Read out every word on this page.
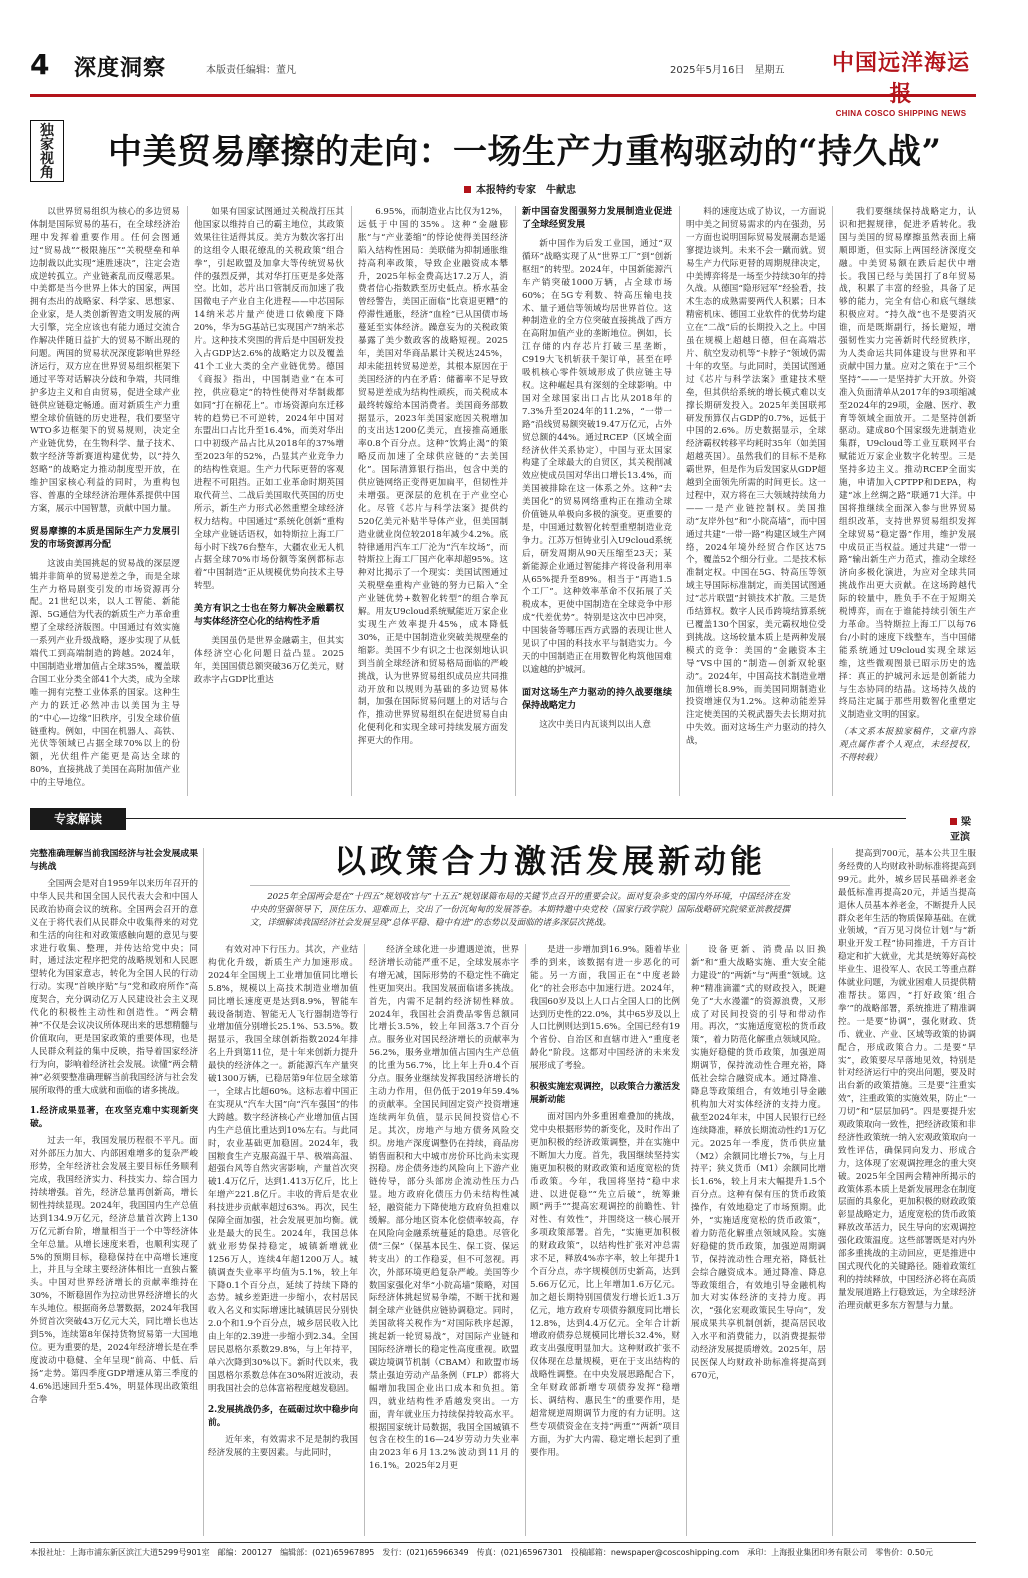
4 深度洞察	本版责任编辑：董凡	2025年5月16日　星期五	中国远洋海运报
CHINA COSCO SHIPPING NEWS
独家视角
中美贸易摩擦的走向：一场生产力重构驱动的“持久战”
本报特约专家　牛献忠

以世界贸易组织为核心的多边贸易体制是国际贸易的基石，在全球经济治理中发挥着重要作用。任何会图通过“贸易战”“极限施压”“关税壁垒和单边制裁以此实现“速胜速决”，注定会造成逆转孤立。产业链紊乱而反噬恶果。中美都是当今世界上体大的国家，两国拥有杰出的战略家、科学家、思想家、企业家，是人类创新智造文明发展的两大引擎，完全应该也有能力通过交流合作解决伴随日益扩大的贸易不断出现的问题。两国的贸易状况深度影响世界经济运行，双方应在世界贸易组织框架下通过平等对话解决分歧和争端，共同维护多边主义和自由贸易，促进全球产业链供应链稳定畅通。面对新质生产力重塑全球价值链的历史进程，我们要坚守WTO多边框架下的贸易规则，决定全产业链优势，在生物科学、量子技术、数字经济等新赛道构建优势，以“持久怒略”的战略定力推动制度型开放，在维护国家核心利益的同时，为重构包容、普惠的全球经济治理体系提供中国方案，展示中国智慧，贡献中国力量。

贸易摩擦的本质是国际生产力发展引发的市场资源再分配

这波由美国挑起的贸易战的深层逻辑并非简单的贸易逆差之争，而是全球生产力格局剧变引发的市场资源再分配。21世纪以来，以人工智能、新能源、5G通信为代表的新质生产力革命重塑了全球经济版图。中国通过有效实施一系列产业升级战略，逐步实现了从低端代工到高端制造的跨越。2024年，中国制造业增加值占全球35%，覆盖联合国工业分类全部41个大类，成为全球唯一拥有完整工业体系的国家。这种生产力的跃迁必然冲击以美国为主导的“中心—边缘”旧秩序，引发全球价值链重构。例如，中国在机器人、高铁、光伏等领域已占据全球70%以上的份额，光伏组件产能更是高达全球的80%，直接挑战了美国在高附加值产业中的主导地位。

如果有国家试图通过关税战打压其他国家以维持自己的霸主地位，其政策效果往往适得其反。美方为数次客打出的这组令人眼花缭乱的关税政策“组合拳”，引起欧盟及加拿大等传统贸易伙伴的强烈反弹，其对华打压更是多处落空。比如，芯片出口管制反而加速了我国微电子产业自主化进程——中芯国际14纳米芯片量产使进口依赖度下降20%，华为5G基站已实现国产7纳米芯片。这种技术突围的背后是中国研发投入占GDP达2.6%的战略定力以及覆盖41个工业大类的全产业链优势。德国《商报》指出，中国制造业“在本可控，供应稳定”的特性使得对华制裁都如同“打在棉花上”。市场资源向东迁移转的趋势已不可逆转，2024年中国对东盟出口占比升至16.4%，而美对华出口中初级产品占比从2018年的37%增至2023年的52%，凸显其产业竞争力的结构性衰退。生产力代际更替的客观进程不可阻挡。正如工业革命时期英国取代荷兰、二战后美国取代英国的历史所示，新生产力形式必然重塑全球经济权力结构。中国通过“系统化创新”重构全球产业链话语权，如特斯拉上海工厂每小时下线76台整车，大疆农业无人机占据全球70%市场份额等案例都标志着“中国制造”正从规模优势向技术主导转型。

美方有识之士也在努力解决金融霸权与实体经济空心化的结构性矛盾

美国虽仍是世界金融霸主，但其实体经济空心化问题日益凸显。2025年，美国国债总额突破36万亿美元，财政赤字占GDP比重达

6.95%，而制造业占比仅为12%，远低于中国的35%。这种“金融膨胀”与“产业萎缩”的悖论使得美国经济陷入结构性困局：美联储为抑制通胀维持高利率政策，导致企业融资成本攀升，2025年标金费高达17.2万人，消费者信心指数跌至历史低点。桥水基金曾经警告，美国正面临“比衰退更糟”的停滞性通胀，经济“血栓”已从国债市场蔓延至实体经济。躁意妄为的关税政策暴露了美少数政客的战略短视。2025年，美国对华商品累计关税达245%，却未能扭转贸易逆差，其根本原因在于美国经济的内在矛盾：储蓄率不足导致贸易逆差成为结构性顽疾，而关税成本最终转嫁给本国消费者。美国商务部数据显示，2023年美国家庭因关税增加的支出达1200亿美元，直接推高通胀率0.8个百分点。这种“饮鸩止渴”的策略反而加速了全球供应链的“去美国化”。国际清算银行指出，包含中美的供应链网络正变得更加扁平，但韧性并未增强。更深层的危机在于产业空心化。尽管《芯片与科学法案》提供约520亿美元补贴半导体产业，但美国制造业就业岗位较2018年减少4.2%。底特律通用汽车工厂沦为“汽车坟场”，而特斯拉上海工厂国产化率却超95%。这种对比揭示了一个现实：美国试图通过关税壁垒重构产业链的努力已陷入“全产业链优势+数智化转型”的组合拳瓦解。用友U9cloud系统赋能近万家企业实现生产效率提升45%，成本降低30%，正是中国制造业突破美规壁垒的缩影。美国不少有识之士也深刻地认识到当前全球经济和贸易格局面临的严峻挑战，认为世界贸易组织成员应共同推动开放和以规则为基础的多边贸易体制，加强在国际贸易问题上的对话与合作，推动世界贸易组织在促进贸易自由化便利化和实现全球可持续发展方面发挥更大的作用。

新中国奋发图强努力发展制造业促进了全球经贸发展

新中国作为后发工业国，通过“双循环”战略实现了从“世界工厂”到“创新枢纽”的转型。2024年，中国新能源汽车产销突破1000万辆，占全球市场60%；在5G专利数、特高压输电技术、量子通信等领域均居世界首位。这种制造业的全方位突破直接挑战了西方在高附加值产业的垄断地位。例如，长江存储的内存芯片打破三星垄断，C919大飞机斩获千架订单，甚至在呼吸机核心零件领域形成了供应链主导权。这种崛起具有深刻的全球影响。中国对全球国家出口占比从2018年的7.3%升至2024年的11.2%，“一带一路”沿线贸易额突破19.47万亿元，占外贸总额的44%。通过RCEP（区域全面经济伙伴关系协定），中国与亚太国家构建了全球最大的自贸区，其关税削减效应使成员国对华出口增长13.4%，而美国被排除在这一体系之外。这种“去美国化”的贸易网络重构正在推动全球价值链从单极向多极的演变。更重要的是，中国通过数智化转型重塑制造业竞争力。江苏万恒铸业引入U9cloud系统后，研发周期从90天压缩至23天；某新能源企业通过智能排产将设备利用率从65%提升至89%。相当于“再造1.5个工厂”。这种效率革命不仅拓展了关税成本，更使中国制造在全球竞争中形成“代差优势”。特别是这次中巴冲突，中国装备等哪压西方武器的表现让世人见识了中国的科技水平与制造实力。今天的中国制造正在用数智化构筑他国难以逾越的护城河。

面对这场生产力驱动的持久战要继续保持战略定力

这次中美日内瓦谈判以出人意

料的速度达成了协议，一方面说明中美之间贸易需求的内在强劲，另一方面也说明国际贸易发展潮态是遥寥提边谈判。未来不会一蹴而就。贸易生产力代际更替的周期规律决定，中美博弈将是一场至少持续30年的持久战。从德国“隐形冠军”经验看，技术生态的成熟需要两代人积累；日本精密机床、德国工业软件的优势均建立在“二战”后的长期投入之上。中国虽在规模上超越日德，但在高端芯片、航空发动机等“卡脖子”领域仍需十年的攻坚。与此同时，美国试图通过《芯片与科学法案》重建技术壁垒，但其供给系统的增长模式难以支撑长期研发投入。2025年美国联邦研发预算仅占GDP的0.7%，远低于中国的2.6%。历史数据显示，全球经济霸权转移平均耗时35年（如美国超越英国）。虽然我们的目标不是称霸世界，但是作为后发国家从GDP超越到全面领先所需的时间更长。这一过程中，双方将在三大领域持续角力——一是产业链控制权。美国推动“友岸外包”和“小院高墙”，而中国通过共建“一带一路”构建区域生产网络，2024年境外经贸合作区达75个，覆盖52个细分行业。二是技术标准制定权。中国在5G、特高压等领域主导国际标准制定，而美国试图通过“芯片联盟”封锁技术扩散。三是货币结算权。数字人民币跨境结算系统已覆盖130个国家，美元霸权地位受到挑战。这场较量本质上是两种发展模式的竞争：美国的“金融资本主导”VS中国的“制造—创新双轮驱动”。2024年，中国高技术制造业增加值增长8.9%，而美国同期制造业投资增速仅为1.2%。这种动能差异注定使美国的关税武器失去长期对抗中失效。面对这场生产力驱动的持久战，

我们要继续保持战略定力，认识和把握规律，促进矛盾转化。我国与美国的贸易摩擦虽然表面上痛顺即逝，但实际上两国经济深度交融。中美贸易额在跌后起伏中增长。我国已经与美国打了8年贸易战，积累了丰富的经验，具备了足够的能力，完全有信心和底气继续积极应对。“持久战”也不是要消灭谁，而是既斯副行，扬长避短，增强韧性实力完善新时代经贸秩序，为人类命运共同体建设与世界和平贡献中国力量。应对之策在于“三个坚持”——一是坚持扩大开放。外资准入负面清单从2017年的93项缩减至2024年的29项，金融、医疗、教育等领域全面放开。二是坚持创新驱动。建成80个国家级先进制造业集群，U9cloud等工业互联网平台赋能近万家企业数字化转型。三是坚持多边主义。推动RCEP全面实施，申请加入CPTPP和DEPA，构建“冰上丝绸之路”联通71大洋。中国将推继续全面深入参与世界贸易组织改革，支持世界贸易组织发挥全球贸易“稳定器”作用，维护发展中成员正当权益。通过共建“一带一路”输出新生产力范式，推动全球经济向多极化演进，为应对全球共同挑战作出更大贡献。在这场跨越代际的较量中，胜负手不在于短期关税博弈，而在于谁能持续引领生产力革命。当特斯拉上海工厂以每76台/小时的速度下线整车，当中国储能系统通过U9cloud实现全球运维，这些微观图景已昭示历史的选择：真正的护城河永远是创新能力与生态协同的结晶。这场持久战的终局注定属于那些用数智化重塑定义制造业文明的国家。

（本文系本报独家稿件，文章内容观点属作者个人观点，未经授权，不得转载）

专家解读	梁亚滨
以政策合力激活发展新动能
2025年全国两会是在“十四五”规划收官与“十五五”规划谋篇布局的关键节点召开的重要会议。面对复杂多变的国内外环境，中国经济在发中央的坚强领导下，顶住压力、迎难而上，交出了一份沉甸甸的发展答卷。本期特邀中央党校（国家行政学院）国际战略研究院梁亚滨教授撰文，详细解读我国经济社会发展呈现“总体平稳、稳中有进”的态势以及面临的诸多深层次挑战。
完整准确理解当前我国经济与社会发展成果与挑战

全国两会是对自1959年以来历年召开的中华人民共和国全国人民代表大会和中国人民政治协商会议的统称。全国两会召开的意义在于将代表们从民群众中收集得来的对党和生活的向往和对政策感触向题的意见与要求进行收集、整理，并传达给党中央；同时，通过法定程序把党的战略规划和人民愿望转化为国家意志，转化为全国人民的行动行动。实现“首映序贴”与“党和政府所作”高度契合，充分调动亿万人民建设社会主义现代化的积极性主动性和创造性。“两会精神”不仅是会议决议所体现出来的思想精髓与价值取向，更是国家政策的重要体现，也是人民群众利益的集中反映，指导着国家经济行为向，影响着经济社会发展。读懂“两会精神”必须要整准确理解当前我国经济与社会发展所取得的重大成就和面临的诸多挑战。

1.经济成果显著，在攻坚克难中实现新突破。

过去一年，我国发展历程很不平凡。面对外部压力加大、内部困难增多的复杂严峻形势，全年经济社会发展主要目标任务顺利完成，我国经济实力、科技实力、综合国力持续增强。首先，经济总量再创新高，增长韧性持续显现。2024年，我国国内生产总值达到134.9万亿元，经济总量首次跨上130万亿元新台阶，增量相当于一个中等经济体全年总量。从增长速度来看，也顺利实现了5%的预期目标，稳稳保持在中高增长速度上，并且与全球主要经济体相比一直独占鳌头。中国对世界经济增长的贡献率维持在30%，不断稳固作为拉动世界经济增长的火车头地位。根据商务总署数据，2024年我国外贸首次突破43万亿元大关，同比增长也达到5%，连续第8年保持货物贸易第一大国地位。更为重要的是，2024年经济增长是在季度波动中稳健、全年呈现“前高、中低、后扬”走势。第四季度GDP增速从第三季度的4.6%迅速回升至5.4%，明显体现出政策组合拳

有效对冲下行压力。其次，产业结构优化升级，新质生产力加速形成。2024年全国规上工业增加值同比增长5.8%，规模以上高技术制造业增加值同比增长速度更是达到8.9%，智能车载设备制造、智能无人飞行器制造等行业增加值分别增长25.1%、53.5%。数据显示，我国全球创新指数2024年排名上升到第11位，是十年来创新力提升最快的经济体之一。新能源汽车产量突破1300万辆，已稳居第9年位居全球第一，全球占比超60%。这标志着中国正在实现从“汽车大国”向“汽车强国”的伟大跨越。数字经济核心产业增加值占国内生产总值比重达到10%左右。与此同时，农业基础更加稳固。2024年，我国粮食生产克服高温干旱、极端高温、超强台风等自然灾害影响，产量首次突破1.4万亿斤，达到1.413万亿斤，比上年增产221.8亿斤。丰收的背后是农业科技进步贡献率超过63%。再次，民生保障全面加强，社会发展更加均衡。就业是最大的民生。2024年，我国总体就业形势保持稳定，城镇新增就业1256万人，连续4年超1200万人。城镇调查失业率平均值为5.1%，较上年下降0.1个百分点，延续了持续下降的态势。城乡差距进一步缩小，农村居民收入名义和实际增速比城镇居民分别快2.0个和1.9个百分点，城乡居民收入比由上年的2.39进一步缩小到2.34。全国居民恩格尔系数29.8%，与上年持平，单六次降到30%以下。新时代以来，我国恩格尔系数总体在30%附近波动，表明我国社会的总体富裕程度越发稳固。

2.发展挑战仍多，在砥砺过坎中稳步向前。

近年来，有效需求不足是制约我国经济发展的主要因素。与此同时，

经济全球化进一步遭遇逆流，世界经济增长动能严重不足，全球发展赤字有增无减，国际形势的不稳定性不确定性更加突出。我国发展面临诸多挑战。首先，内需不足制约经济韧性释放。2024年，我国社会消费品零售总额同比增长3.5%，较上年回落3.7个百分点。服务业对国民经济增长的贡献率为56.2%，服务业增加值占国内生产总值的比重为56.7%，比上年上升0.4个百分点。服务业继续发挥我国经济增长的主动力作用，但仍低于2019年59.4%的贡献率。全国民间固定资产投资增速连续两年负值，显示民间投资信心不足。其次，房地产与地方债务风险交织。房地产深度调整仍在持续，商品房销售面积和大中城市房价环比尚未实现拐稳。房企债务违约风险向上下游产业链传导，部分头部房企流动性压力凸显。地方政府化债压力仍未结构性减轻，融资能力下降使地方政府负担难以缓解。部分地区资本化偿债率较高，存在风险向金融系统蔓延的隐患。尽管化债“三保”（保基本民生、保工资、保运转支出）的工作稳妥，但不可忽视。再次，外部环境更趋复杂严峻。美国等少数国家强化对华“小院高墙”策略，对国际经济体挑起贸易争端，不断干扰和遏制全球产业链供应链协调稳定。同时，美国欲将关税作为“对国际秩序起源，挑起新一轮贸易战”，对国际产业链和国际经济增长的稳定性高度重视。欧盟碳边境调节机制（CBAM）和欧盟市场禁止强迫劳动产品条例（FLP）都将大幅增加我国企业出口成本和负担。第四，就业结构性矛盾越发突出。一方面，青年就业压力持续保持较高水平。根据国家统计局数据，我国全国城镇不包含在校生的16—24岁劳动力失业率由2023年6月13.2%波动到11月的16.1%。2025年2月更

是进一步增加到16.9%。随着毕业季的到来，该数据有进一步恶化的可能。另一方面，我国正在“中度老龄化”的社会形态中加速行进。2024年，我国60岁及以上人口占全国人口的比例达到历史性的22.0%，其中65岁及以上人口比例则达到15.6%。全国已经有19个省份、自治区和直辖市进入“重度老龄化”阶段。这都对中国经济的未来发展形成了考验。

积极实施宏观调控，以政策合力激活发展新动能

面对国内外多重困难叠加的挑战，党中央根据形势的新变化，及时作出了更加积极的经济政策调整，并在实施中不断加大力度。首先，我国继续坚持实施更加积极的财政政策和适度宽松的货币政策。今年，我国将坚持“稳中求进、以进促稳”“先立后破”，统筹兼顾“两手”“提高宏观调控的前瞻性、针对性、有效性”，并围绕这一核心展开多项政策部署。首先，“实施更加积极的财政政策”，以结构性扩张对冲总需求不足，释放4%赤字率，较上年提升1个百分点，赤字规模创历史新高，达到5.66万亿元，比上年增加1.6万亿元。加之超长期特别国债发行增长近1.3万亿元，地方政府专项债券额度同比增长12.8%，达到4.4万亿元。全年合计新增政府债券总规模同比增长32.4%，财政支出强度明显加大。这种财政扩张不仅体现在总量规模，更在于支出结构的战略性调整。在中央发展思路配合下，全年财政部新增专项债券发挥“稳增长、调结构、惠民生”的重要作用，是超常规逆周期调节力度的有力证明。这些专项债资金在支持“两重”“两新”项目方面，为扩大内需、稳定增长起到了重要作用。

设备更新、消费品以旧换新”和“重大战略实施、重大安全能力建设”的“两新”与“两重”领域。这种“精准滴灌”式的财政投入，既避免了“大水漫灌”的资源浪费，又形成了对民间投资的引导和带动作用。再次，“实施适度宽松的货币政策”，着力防范化解重点领域风险。实施好稳健的货币政策，加强逆周期调节，保持流动性合理充裕，降低社会综合融资成本。通过降准、降息等政策组合，有效地引导金融机构加大对实体经济的支持力度。截至2024年末，中国人民银行已经连续降准，释放长期流动性约1万亿元。2025年一季度，货币供应量（M2）余额同比增长7%，与上月持平；狭义货币（M1）余额同比增长1.6%，较上月末大幅提升1.5个百分点。这种有保有压的货币政策操作，有效地稳定了市场预期。此外，“实施适度宽松的货币政策”，着力防范化解重点领域风险。实施好稳健的货币政策，加强逆周期调节，保持流动性合理充裕，降低社会综合融资成本。通过降准、降息等政策组合，有效地引导金融机构加大对实体经济的支持力度。再次，“强化宏观政策民生导向”，发展成果共享机制创新，提高居民收入水平和消费能力，以消费提振带动经济发展提质增效。2025年，居民医保人均财政补助标准将提高到670元，

提高到700元，基本公共卫生服务经费的人均财政补助标准将提高到99元。此外，城乡居民基础养老金最低标准再提高20元，并适当提高退休人员基本养老金，不断提升人民群众老年生活的物质保障基础。在就业领域，“百万见习岗位计划”与“新职业开发工程”协同推进，千方百计稳定和扩大就业，尤其是统筹好高校毕业生、退役军人、农民工等重点群体就业问题，为就业困难人员提供精准帮扶。第四，“打好政策‘组合拳’”的战略部署，系统推进了精准调控。一是要“协调”，强化财政、货币、就业、产业、区域等政策的协调配合，形成政策合力。二是要“早实”，政策要尽早落地见效，特别是针对经济运行中的突出问题，要及时出台新的政策措施。三是要“注重实效”，注重政策的实施效果，防止“一刀切”和“层层加码”。四是要提升宏观政策取向一致性，把经济政策和非经济性政策统一纳入宏观政策取向一致性评估，确保同向发力、形成合力，这体现了宏观调控理念的重大突破。2025年全国两会精神所揭示的政策体系本质上是新发展理念在制度层面的具象化，更加积极的财政政策彰显战略定力，适度宽松的货币政策释放改革活力，民生导向的宏观调控强化政策温度。这些部署既是对内外部多重挑战的主动回应，更是推进中国式现代化的关键路径。随着政策红利的持续释放，中国经济必将在高质量发展道路上行稳致远，为全球经济治理贡献更多东方智慧与力量。

本报社址：上海市浦东新区滨江大道5299号901室　邮编：200127　编辑部：(021)65967895　发行：(021)65966349　传真：(021)65967301　投稿邮箱：newspaper@coscoshipping.com　承印：上海报业集团印务有限公司　零售价：0.50元
